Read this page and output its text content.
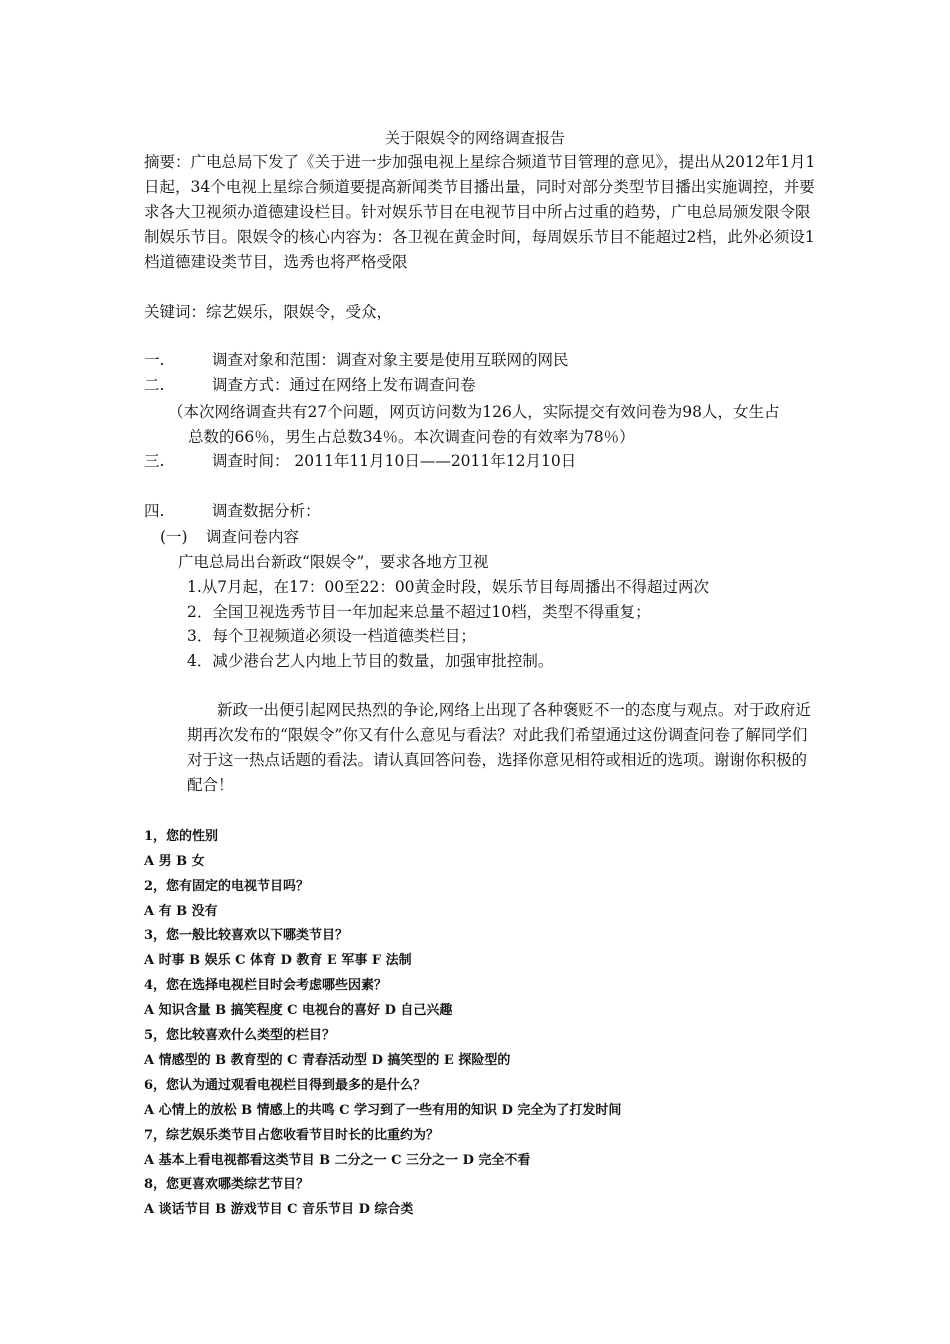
关于限娱令的网络调查报告
摘要：广电总局下发了《关于进一步加强电视上星综合频道节目管理的意见》，提出从2012年1月1日起，34个电视上星综合频道要提高新闻类节目播出量，同时对部分类型节目播出实施调控，并要求各大卫视须办道德建设栏目。针对娱乐节目在电视节目中所占过重的趋势，广电总局颁发限令限制娱乐节目。限娱令的核心内容为：各卫视在黄金时间，每周娱乐节目不能超过2档，此外必须设1档道德建设类节目，选秀也将严格受限
关键词：综艺娱乐，限娱令，受众，
一.	调查对象和范围：调查对象主要是使用互联网的网民
二.	调查方式：通过在网络上发布调查问卷
（本次网络调查共有27个问题，网页访问数为126人，实际提交有效问卷为98人，女生占
总数的66％，男生占总数34％。本次调查问卷的有效率为78％）
三.	调查时间： 2011年11月10日——2011年12月10日
四.	调查数据分析：
(一) 调查问卷内容
广电总局出台新政“限娱令”，要求各地方卫视
1.从7月起，在17：00至22：00黄金时段，娱乐节目每周播出不得超过两次
2．全国卫视选秀节目一年加起来总量不超过10档，类型不得重复；
3．每个卫视频道必须设一档道德类栏目；
4．减少港台艺人内地上节目的数量，加强审批控制。
新政一出便引起网民热烈的争论,网络上出现了各种褒贬不一的态度与观点。对于政府近期再次发布的“限娱令”你又有什么意见与看法？对此我们希望通过这份调查问卷了解同学们对于这一热点话题的看法。请认真回答问卷，选择你意见相符或相近的选项。谢谢你积极的配合！
1，您的性别
A 男 B 女
2，您有固定的电视节目吗？
A 有 B 没有
3，您一般比较喜欢以下哪类节目？
A 时事 B 娱乐 C 体育 D 教育 E 军事 F 法制
4，您在选择电视栏目时会考虑哪些因素？
A 知识含量 B 搞笑程度 C 电视台的喜好 D 自己兴趣
5，您比较喜欢什么类型的栏目？
A 情感型的 B 教育型的 C 青春活动型 D 搞笑型的 E 探险型的
6，您认为通过观看电视栏目得到最多的是什么？
A 心情上的放松 B 情感上的共鸣 C 学习到了一些有用的知识 D 完全为了打发时间
7，综艺娱乐类节目占您收看节目时长的比重约为？
A 基本上看电视都看这类节目 B 二分之一 C 三分之一 D 完全不看
8，您更喜欢哪类综艺节目？
A 谈话节目 B 游戏节目 C 音乐节目 D 综合类
